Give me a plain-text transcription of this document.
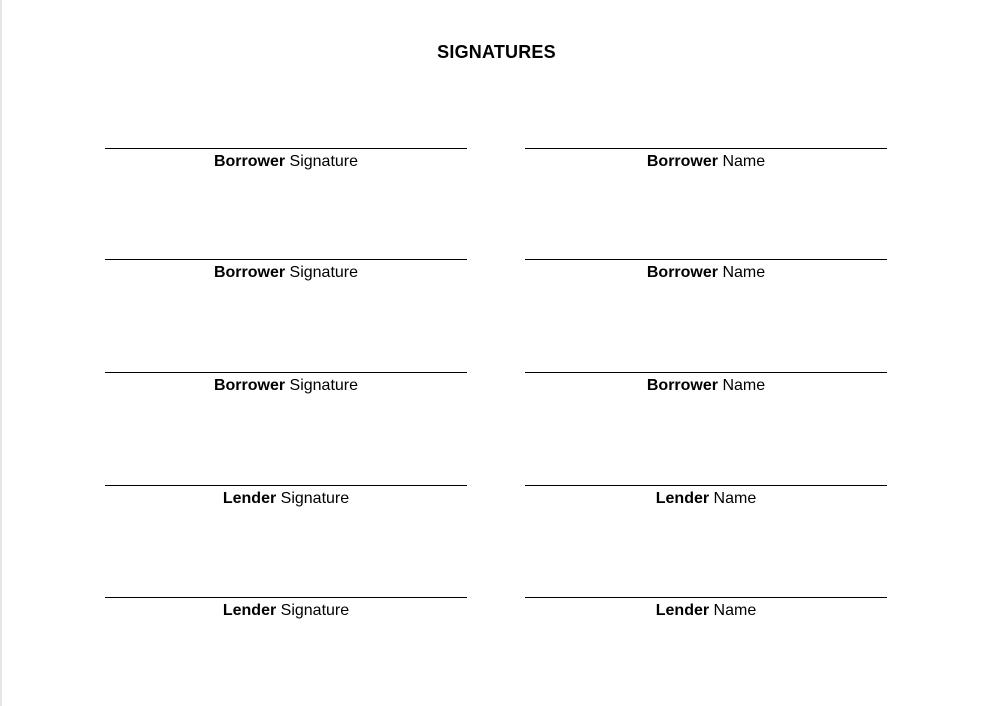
SIGNATURES
Borrower Signature	Borrower Name
Borrower Signature	Borrower Name
Borrower Signature	Borrower Name
Lender Signature	Lender Name
Lender Signature	Lender Name
